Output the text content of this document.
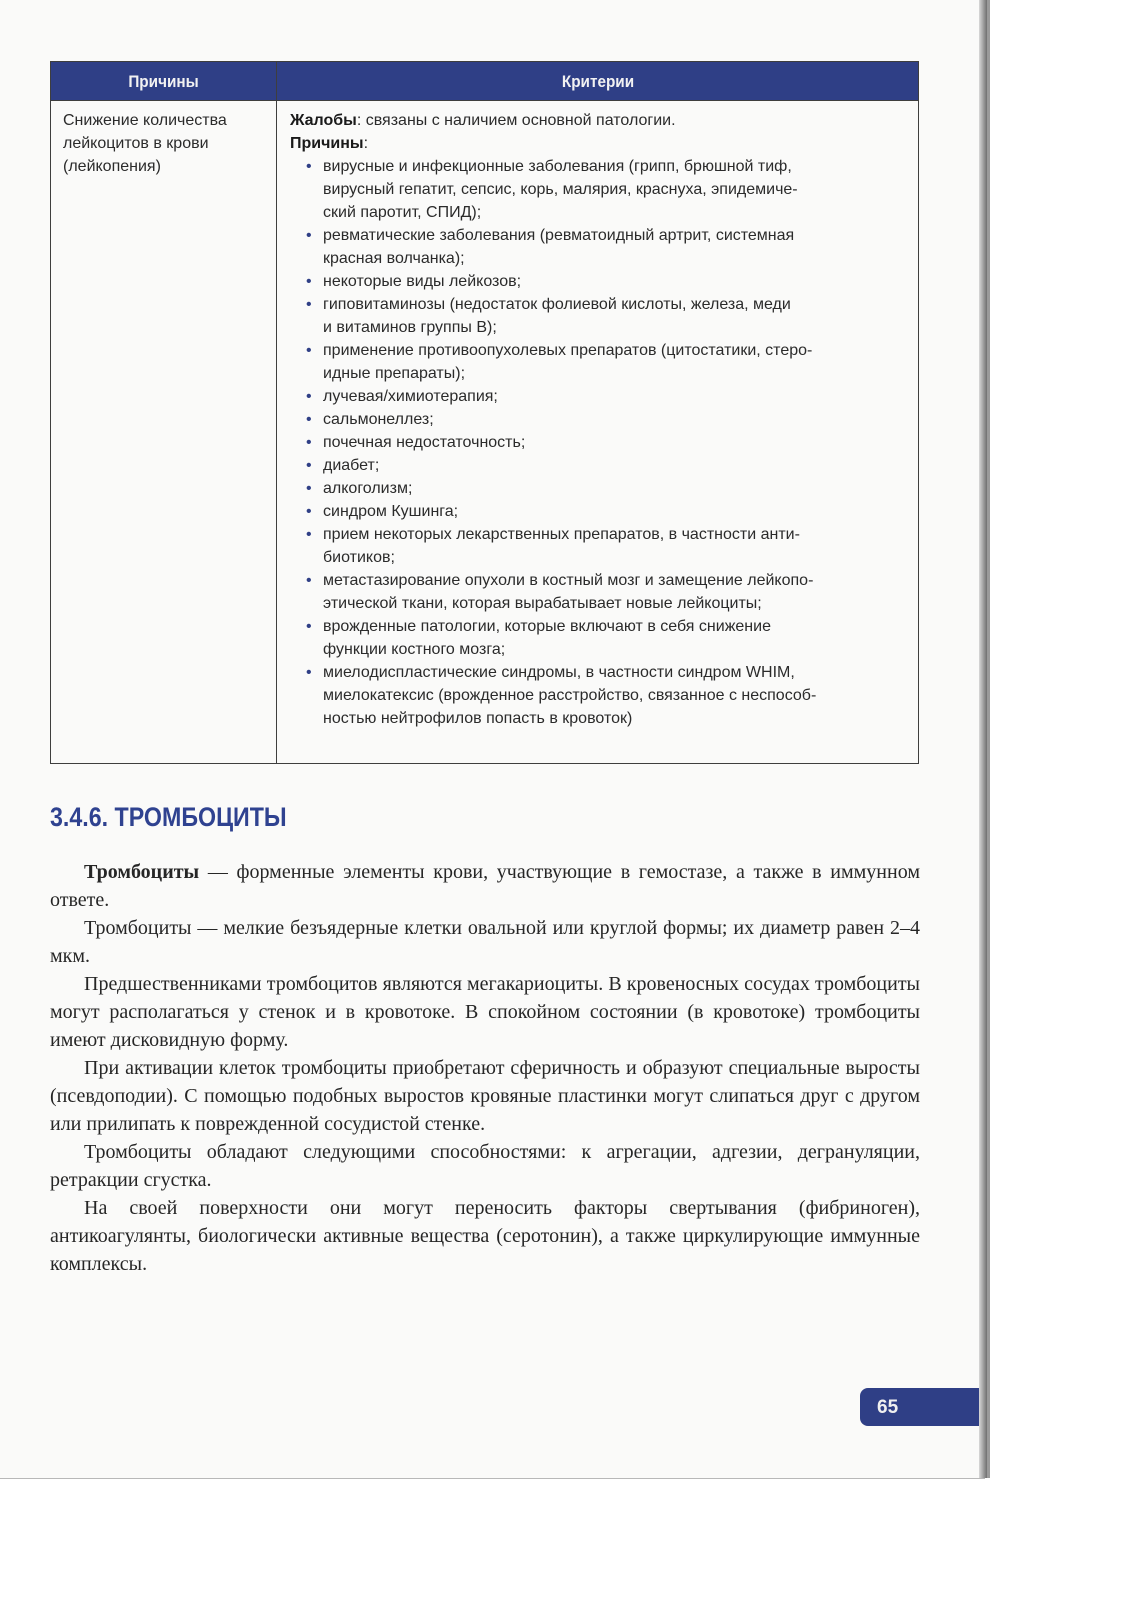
Причины	Критерии
Снижение количества
лейкоцитов в крови
(лейкопения)
Жалобы: связаны с наличием основной патологии.
Причины:
• вирусные и инфекционные заболевания (грипп, брюшной тиф,
вирусный гепатит, сепсис, корь, малярия, краснуха, эпидемиче-
ский паротит, СПИД);
• ревматические заболевания (ревматоидный артрит, системная
красная волчанка);
• некоторые виды лейкозов;
• гиповитаминозы (недостаток фолиевой кислоты, железа, меди
и витаминов группы В);
• применение противоопухолевых препаратов (цитостатики, стеро-
идные препараты);
• лучевая/химиотерапия;
• сальмонеллез;
• почечная недостаточность;
• диабет;
• алкоголизм;
• синдром Кушинга;
• прием некоторых лекарственных препаратов, в частности анти-
биотиков;
• метастазирование опухоли в костный мозг и замещение лейкопо-
этической ткани, которая вырабатывает новые лейкоциты;
• врожденные патологии, которые включают в себя снижение
функции костного мозга;
• миелодиспластические синдромы, в частности синдром WHIM,
миелокатексис (врожденное расстройство, связанное с неспособ-
ностью нейтрофилов попасть в кровоток)
3.4.6. ТРОМБОЦИТЫ

Тромбоциты — форменные элементы крови, участвующие в гемостазе, а также в иммунном ответе.

Тромбоциты — мелкие безъядерные клетки овальной или круглой формы; их диаметр равен 2–4 мкм.

Предшественниками тромбоцитов являются мегакариоциты. В кровеносных сосудах тромбоциты могут располагаться у стенок и в кровотоке. В спокойном состоянии (в кровотоке) тромбоциты имеют дисковидную форму.

При активации клеток тромбоциты приобретают сферичность и образуют специальные выросты (псевдоподии). С помощью подобных выростов кровяные пластинки могут слипаться друг с другом или прилипать к поврежденной сосудистой стенке.

Тромбоциты обладают следующими способностями: к агрегации, адгезии, дегрануляции, ретракции сгустка.

На своей поверхности они могут переносить факторы свертывания (фибриноген), антикоагулянты, биологически активные вещества (серотонин), а также циркулирующие иммунные комплексы.

65
